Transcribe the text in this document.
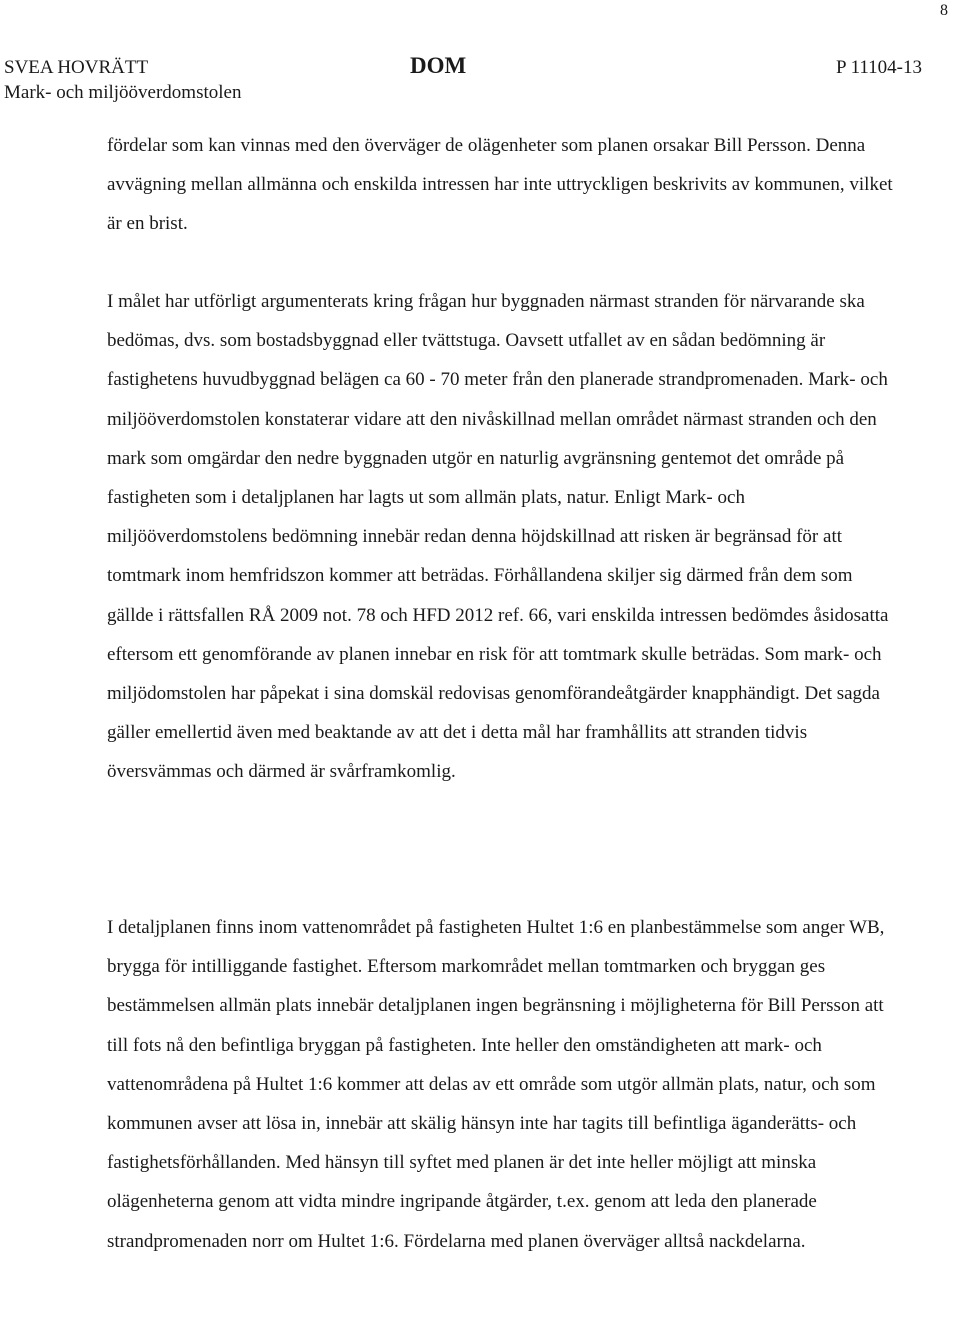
8
SVEA HOVRÄTT
Mark- och miljööverdomstolen
DOM	P 11104-13

fördelar som kan vinnas med den överväger de olägenheter som planen orsakar Bill Persson. Denna avvägning mellan allmänna och enskilda intressen har inte uttryckligen beskrivits av kommunen, vilket är en brist.

I målet har utförligt argumenterats kring frågan hur byggnaden närmast stranden för närvarande ska bedömas, dvs. som bostadsbyggnad eller tvättstuga. Oavsett utfallet av en sådan bedömning är fastighetens huvudbyggnad belägen ca 60 - 70 meter från den planerade strandpromenaden. Mark- och miljööverdomstolen konstaterar vidare att den nivåskillnad mellan området närmast stranden och den mark som omgärdar den nedre byggnaden utgör en naturlig avgränsning gentemot det område på fastigheten som i detaljplanen har lagts ut som allmän plats, natur. Enligt Mark- och miljööverdomstolens bedömning innebär redan denna höjdskillnad att risken är begränsad för att tomtmark inom hemfridszon kommer att beträdas. Förhållandena skiljer sig därmed från dem som gällde i rättsfallen RÅ 2009 not. 78 och HFD 2012 ref. 66, vari enskilda intressen bedömdes åsidosatta eftersom ett genomförande av planen innebar en risk för att tomtmark skulle beträdas. Som mark- och miljödomstolen har påpekat i sina domskäl redovisas genomförandeåtgärder knapphändigt. Det sagda gäller emellertid även med beaktande av att det i detta mål har framhållits att stranden tidvis översvämmas och därmed är svårframkomlig.

I detaljplanen finns inom vattenområdet på fastigheten Hultet 1:6 en planbestämmelse som anger WB, brygga för intilliggande fastighet. Eftersom markområdet mellan tomtmarken och bryggan ges bestämmelsen allmän plats innebär detaljplanen ingen begränsning i möjligheterna för Bill Persson att till fots nå den befintliga bryggan på fastigheten. Inte heller den omständigheten att mark- och vattenområdena på Hultet 1:6 kommer att delas av ett område som utgör allmän plats, natur, och som kommunen avser att lösa in, innebär att skälig hänsyn inte har tagits till befintliga äganderätts- och fastighetsförhållanden. Med hänsyn till syftet med planen är det inte heller möjligt att minska olägenheterna genom att vidta mindre ingripande åtgärder, t.ex. genom att leda den planerade strandpromenaden norr om Hultet 1:6. Fördelarna med planen överväger alltså nackdelarna.
